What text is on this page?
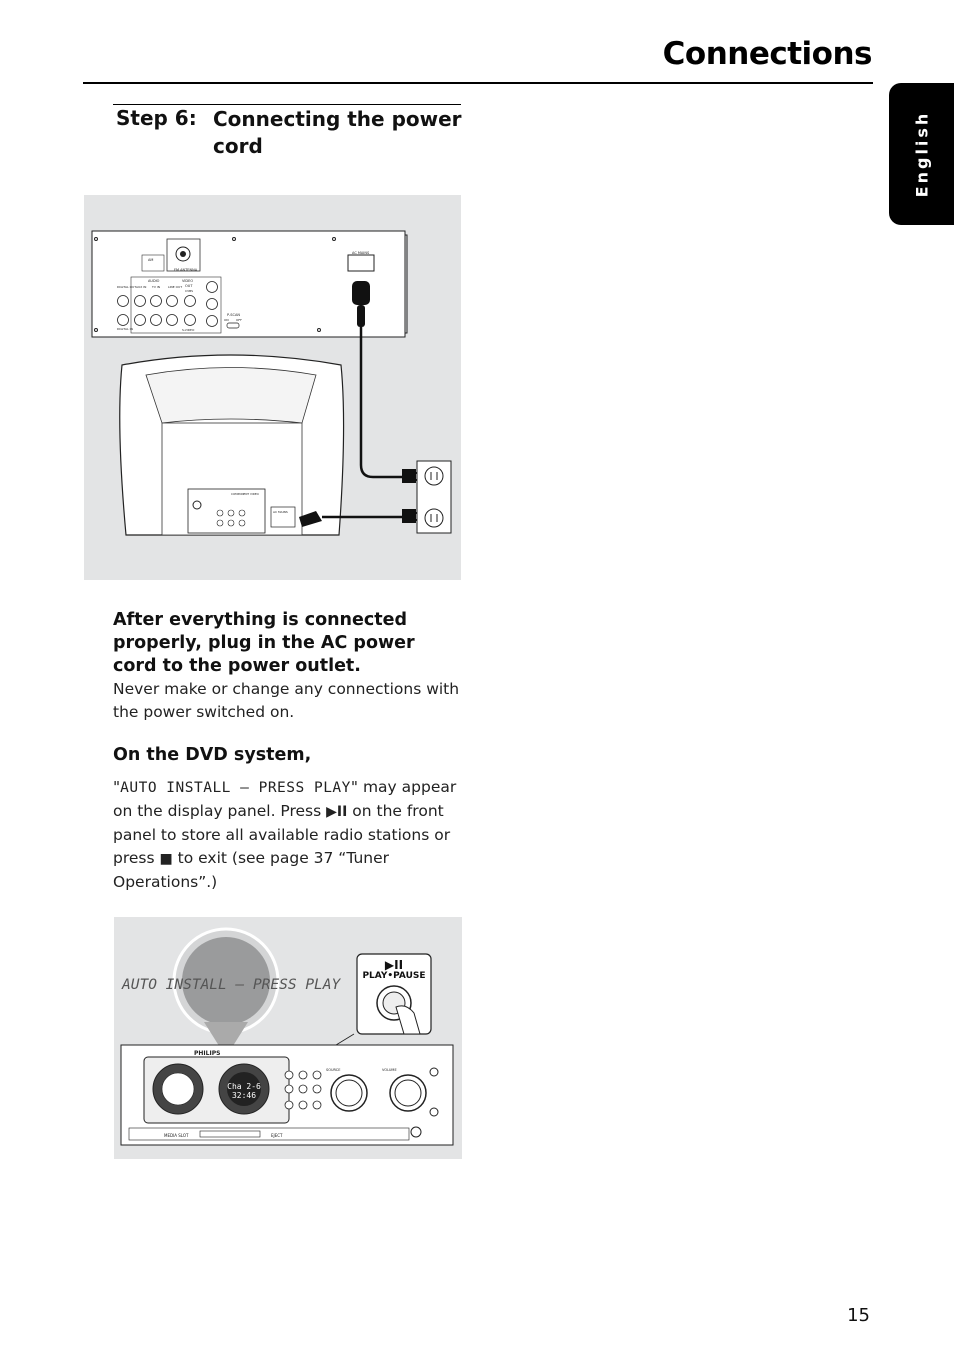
Connections
English
Step 6: Connecting the power cord
FM ANTENNA
AM
AUDIO	VIDEO
OUT
DIGITAL OUT AUX IN	TV IN	LINE OUT
CVBS
DIGITAL IN	S-VIDEO
P-SCAN
ON OFF
AC MAINS
COMPONENT VIDEO
AC MAINS
After everything is connected properly, plug in the AC power cord to the power outlet.
Never make or change any connections with the power switched on.
On the DVD system,
"AUTO INSTALL – PRESS PLAY" may appear on the display panel. Press ▶II on the front panel to store all available radio stations or press ■ to exit (see page 37 “Tuner Operations”.)
AUTO INSTALL – PRESS PLAY
▶II
PLAY•PAUSE
PHILIPS
Cha 2-6
32:46
SOURCE	VOLUME
MEDIA SLOT	EJECT
15
